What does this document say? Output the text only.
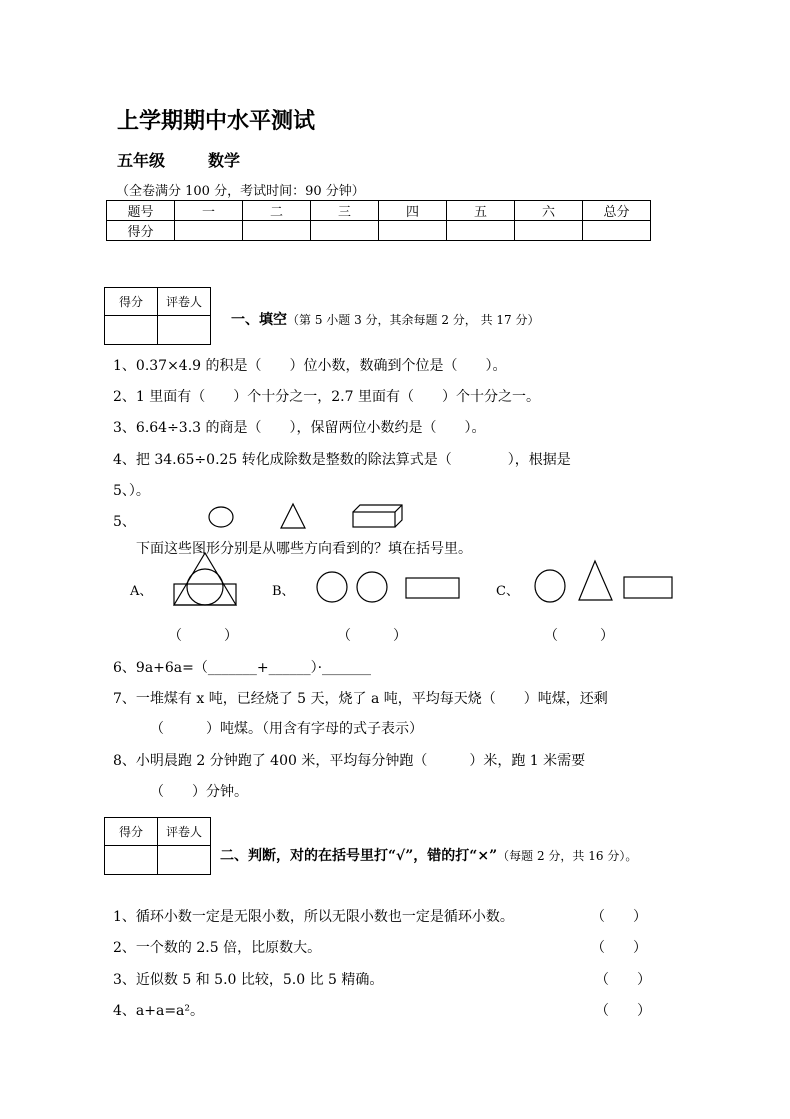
上学期期中水平测试
五年级	数学
（全卷满分 100 分，考试时间：90 分钟）
题号	一	二	三	四	五	六	总分
得分							
得分	评卷人

一、填空（第 5 小题 3 分，其余每题 2 分， 共 17 分）
1、0.37×4.9 的积是（　　）位小数，数确到个位是（　　）。
2、1 里面有（　　）个十分之一，2.7 里面有（　　）个十分之一。
3、6.64÷3.3 的商是（　　），保留两位小数约是（　　）。
4、把 34.65÷0.25 转化成除数是整数的除法算式是（　　　　），根据是
5、）。
5、
下面这些图形分别是从哪些方向看到的？填在括号里。
A、	B、	C、
（　　　）	（　　　）	（　　　）
6、9a+6a=（_______+______）·_______
7、一堆煤有 x 吨，已经烧了 5 天，烧了 a 吨，平均每天烧（　　）吨煤，还剩
（　　　）吨煤。（用含有字母的式子表示）
8、小明晨跑 2 分钟跑了 400 米，平均每分钟跑（　　　）米，跑 1 米需要
（　　）分钟。
得分	评卷人

二、判断，对的在括号里打“√”，错的打“×”（每题 2 分，共 16 分）。
1、循环小数一定是无限小数，所以无限小数也一定是循环小数。	（　　）
2、一个数的 2.5 倍，比原数大。	（　　）
3、近似数 5 和 5.0 比较，5.0 比 5 精确。	（　　）
4、a+a=a²。	（　　）
